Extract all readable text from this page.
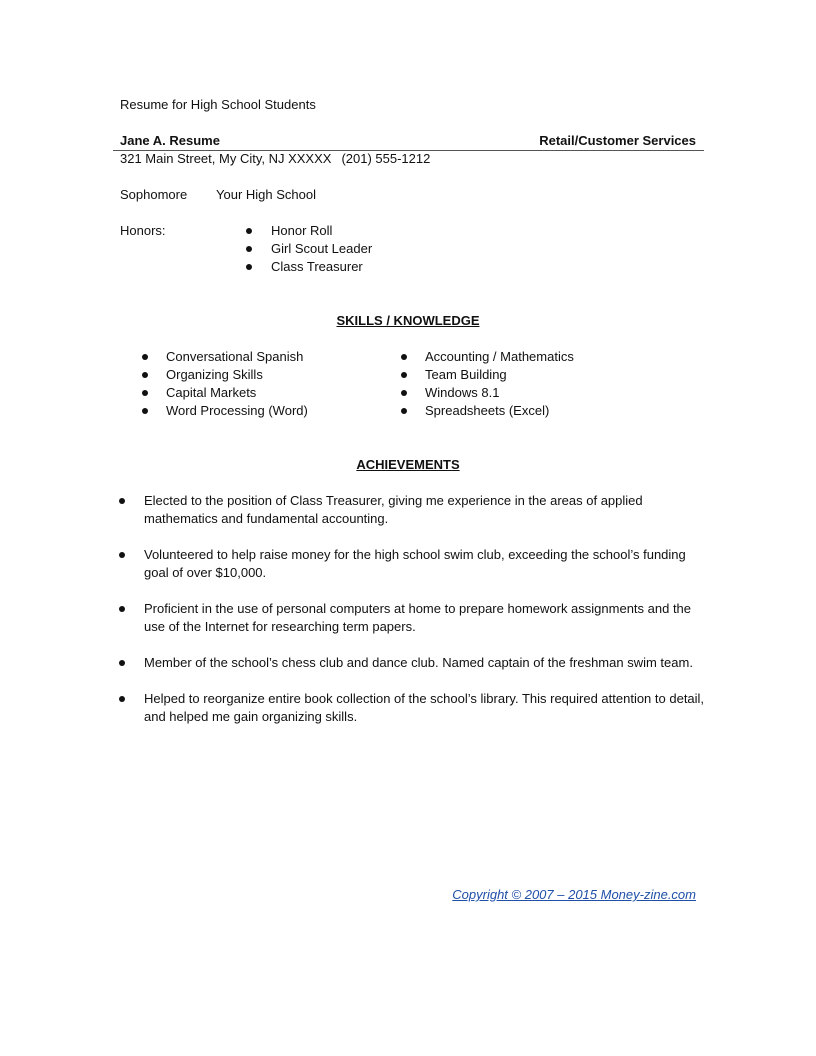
Resume for High School Students
Jane A. Resume	Retail/Customer Services
321 Main Street, My City, NJ XXXXX (201) 555-1212
Sophomore Your High School
Honors:	Honor Roll
Girl Scout Leader
Class Treasurer
SKILLS / KNOWLEDGE
Conversational Spanish
Organizing Skills
Capital Markets
Word Processing (Word)
Accounting / Mathematics
Team Building
Windows 8.1
Spreadsheets (Excel)
ACHIEVEMENTS
Elected to the position of Class Treasurer, giving me experience in the areas of applied mathematics and fundamental accounting.
Volunteered to help raise money for the high school swim club, exceeding the school’s funding goal of over $10,000.
Proficient in the use of personal computers at home to prepare homework assignments and the use of the Internet for researching term papers.
Member of the school’s chess club and dance club. Named captain of the freshman swim team.
Helped to reorganize entire book collection of the school’s library. This required attention to detail, and helped me gain organizing skills.
Copyright © 2007 – 2015 Money-zine.com
